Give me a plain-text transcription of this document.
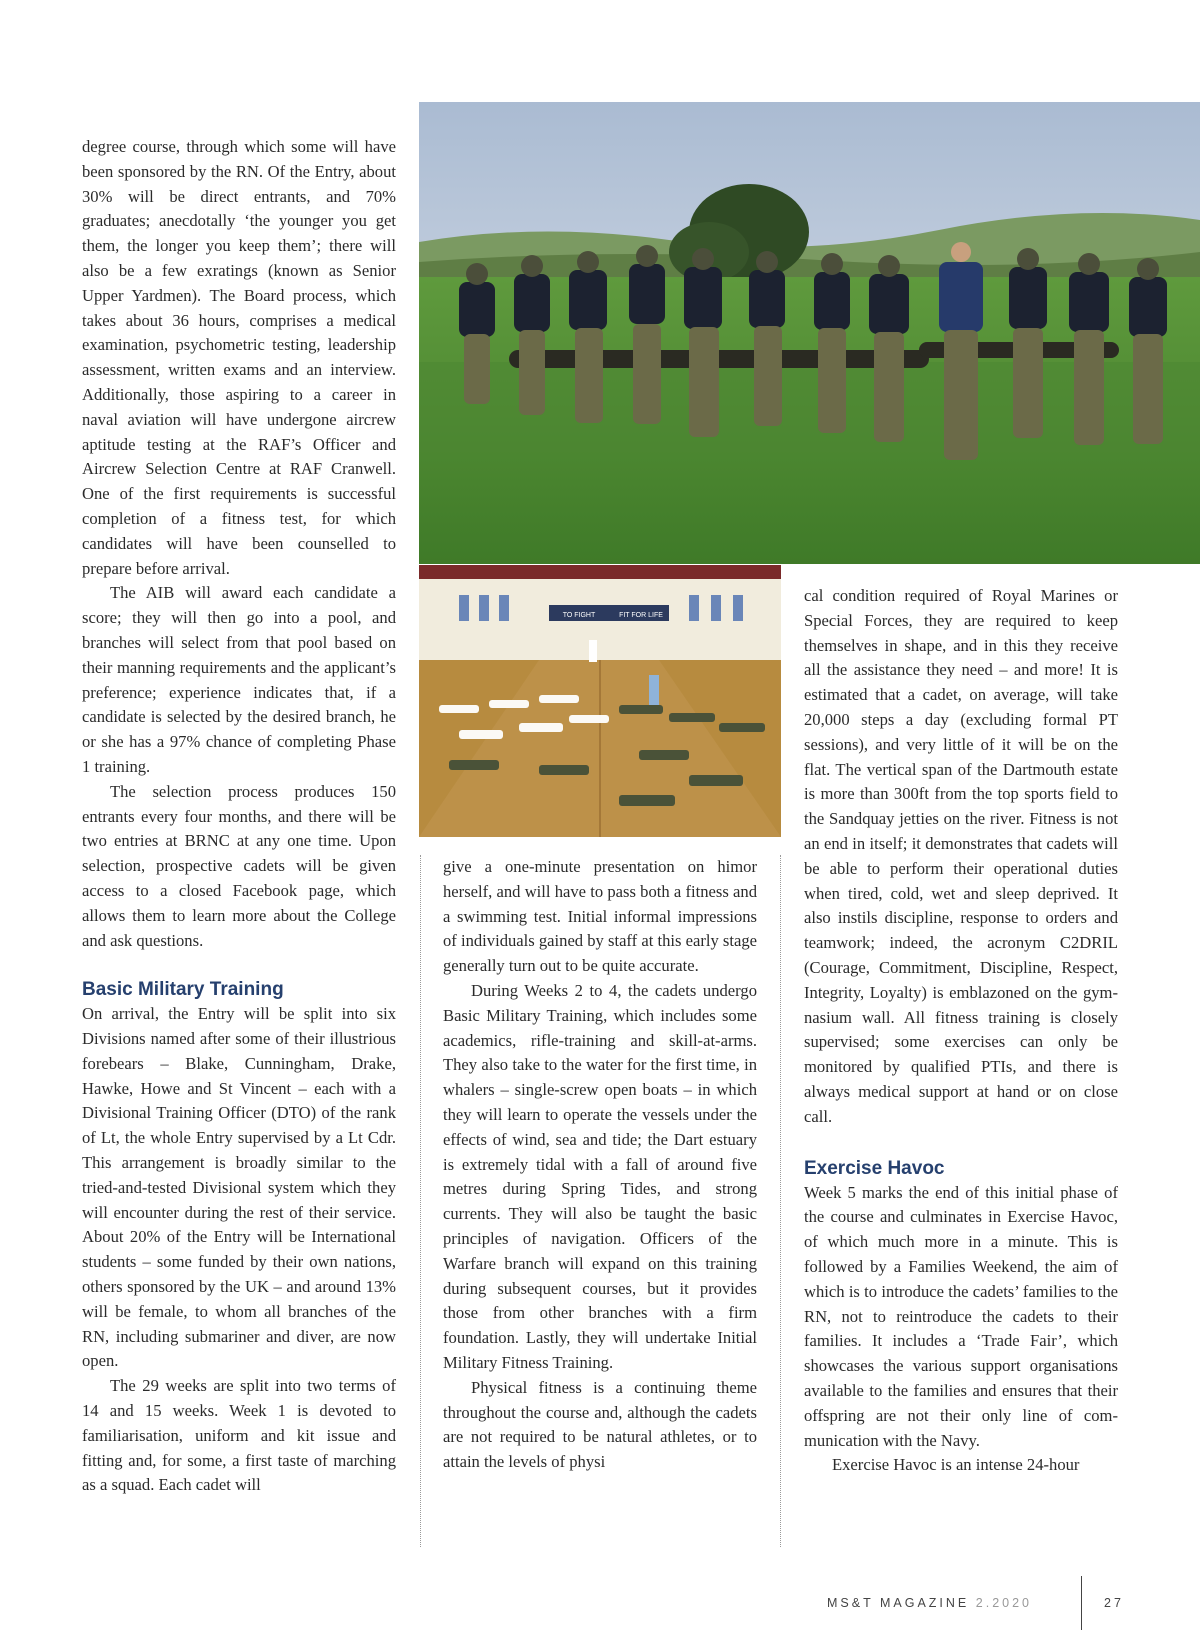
degree course, through which some will have been sponsored by the RN. Of the Entry, about 30% will be direct entrants, and 70% graduates; anecdotally ‘the younger you get them, the longer you keep them’; there will also be a few exratings (known as Senior Upper Yardmen). The Board process, which takes about 36 hours, comprises a medical examination, psychometric testing, leadership assessment, written exams and an interview. Additionally, those aspiring to a career in naval aviation will have undergone aircrew aptitude testing at the RAF’s Officer and Aircrew Selection Centre at RAF Cranwell. One of the first requirements is successful completion of a fitness test, for which candidates will have been counselled to prepare before arrival.

The AIB will award each candidate a score; they will then go into a pool, and branches will select from that pool based on their manning requirements and the applicant’s preference; experience indicates that, if a candidate is selected by the desired branch, he or she has a 97% chance of completing Phase 1 training.

The selection process produces 150 entrants every four months, and there will be two entries at BRNC at any one time. Upon selection, prospective cadets will be given access to a closed Facebook page, which allows them to learn more about the College and ask questions.

Basic Military Training

On arrival, the Entry will be split into six Divisions named after some of their illustrious forebears – Blake, Cunningham, Drake, Hawke, Howe and St Vincent – each with a Divisional Training Officer (DTO) of the rank of Lt, the whole Entry supervised by a Lt Cdr. This arrangement is broadly similar to the tried-and-tested Divisional system which they will encounter during the rest of their service. About 20% of the Entry will be International students – some funded by their own nations, others sponsored by the UK – and around 13% will be female, to whom all branches of the RN, including submariner and diver, are now open.

The 29 weeks are split into two terms of 14 and 15 weeks. Week 1 is devoted to familiarisation, uniform and kit issue and fitting and, for some, a first taste of marching as a squad. Each cadet will

give a one-minute presentation on himor herself, and will have to pass both a fitness and a swimming test. Initial informal impressions of individuals gained by staff at this early stage generally turn out to be quite accurate.

During Weeks 2 to 4, the cadets undergo Basic Military Training, which includes some academics, rifle-training and skill-at-arms. They also take to the water for the first time, in whalers – single-screw open boats – in which they will learn to operate the vessels under the effects of wind, sea and tide; the Dart estuary is extremely tidal with a fall of around five metres during Spring Tides, and strong currents. They will also be taught the basic principles of navigation. Officers of the Warfare branch will expand on this training during subsequent courses, but it provides those from other branches with a firm foundation. Lastly, they will undertake Initial Military Fitness Training.

Physical fitness is a continuing theme throughout the course and, although the cadets are not required to be natural athletes, or to attain the levels of physi

cal condition required of Royal Marines or Special Forces, they are required to keep themselves in shape, and in this they receive all the assistance they need – and more! It is estimated that a cadet, on average, will take 20,000 steps a day (excluding formal PT sessions), and very little of it will be on the flat. The vertical span of the Dartmouth estate is more than 300ft from the top sports field to the Sandquay jetties on the river. Fitness is not an end in itself; it demonstrates that cadets will be able to perform their operational duties when tired, cold, wet and sleep deprived. It also instils discipline, response to orders and teamwork; indeed, the acronym C2DRIL (Courage, Commitment, Discipline, Respect, Integrity, Loyalty) is emblazoned on the gymnasium wall. All fitness training is closely supervised; some exercises can only be monitored by qualified PTIs, and there is always medical support at hand or on close call.

Exercise Havoc

Week 5 marks the end of this initial phase of the course and culminates in Exercise Havoc, of which much more in a minute. This is followed by a Families Weekend, the aim of which is to introduce the cadets’ families to the RN, not to reintroduce the cadets to their families. It includes a ‘Trade Fair’, which showcases the various support organisations available to the families and ensures that their offspring are not their only line of communication with the Navy.

Exercise Havoc is an intense 24-hour

TO FIGHT	FIT FOR LIFE
MS&T MAGAZINE 2.2020	27
